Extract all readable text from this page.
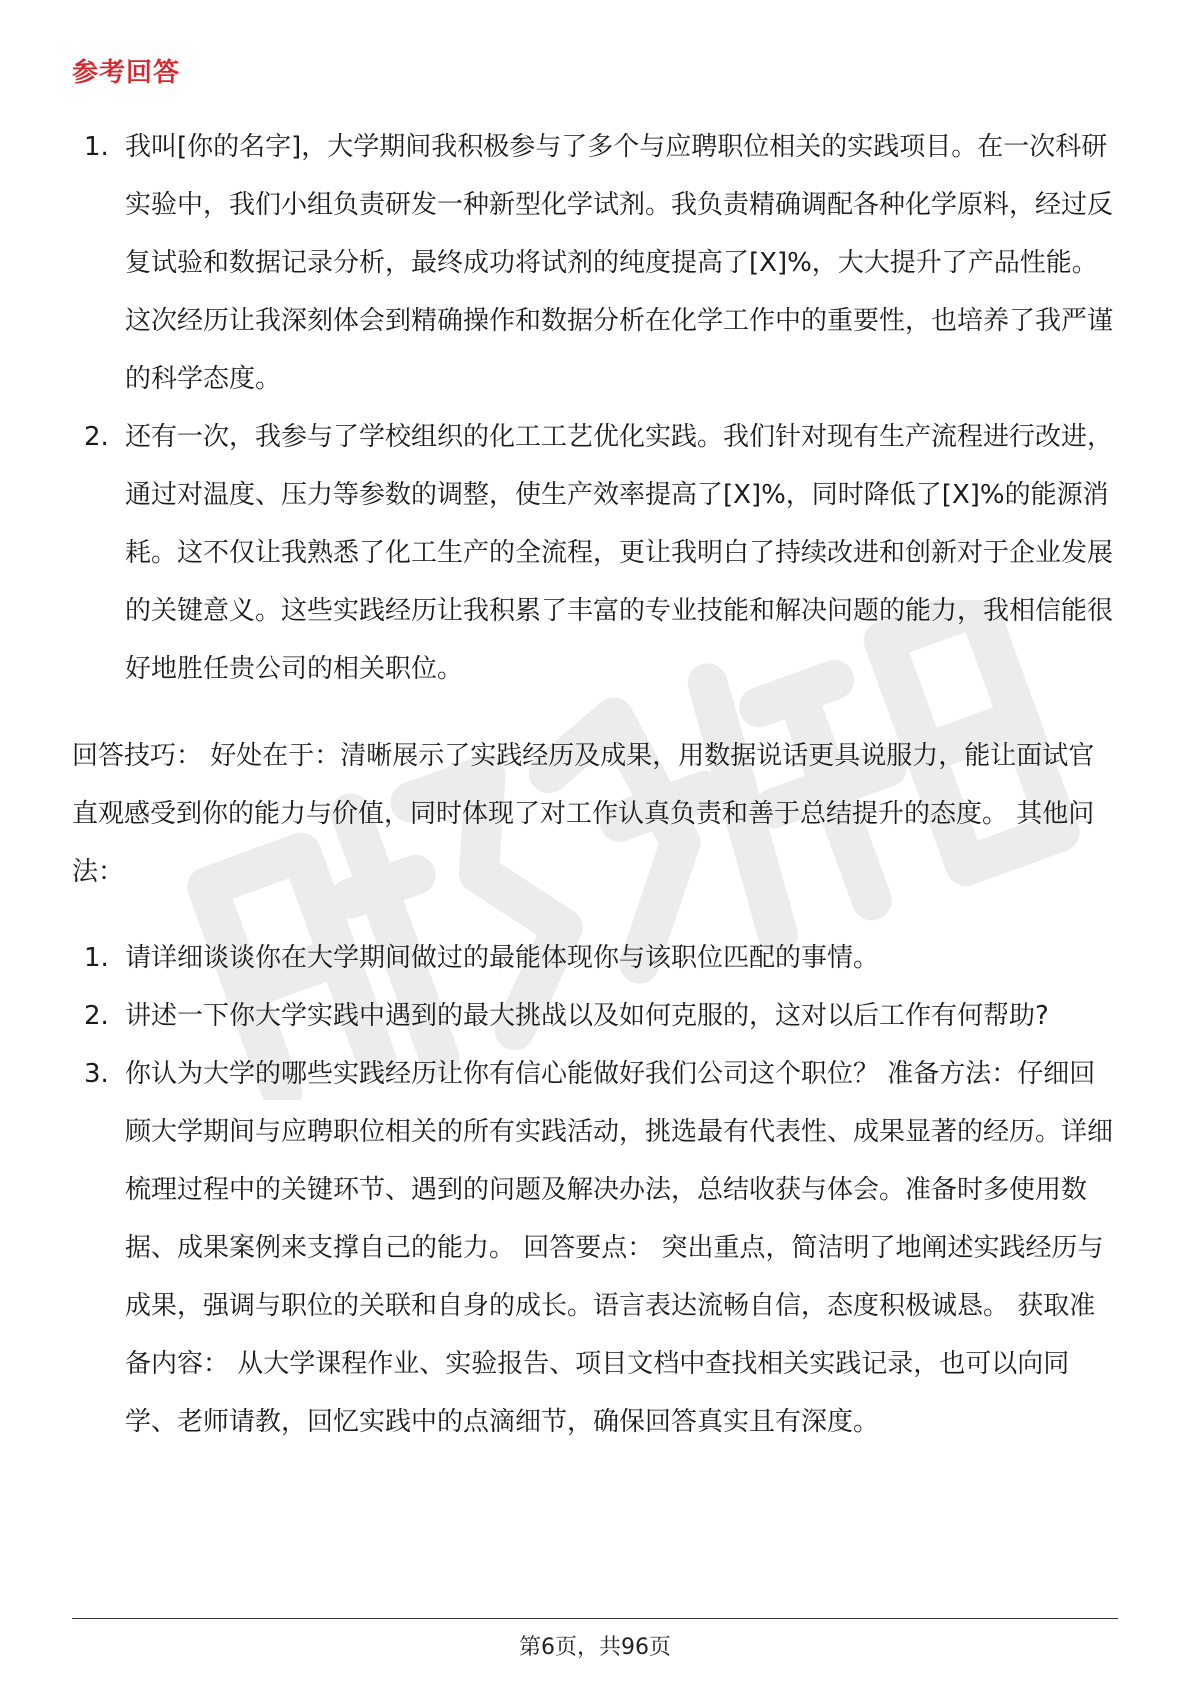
参考回答
1. 我叫[你的名字]，大学期间我积极参与了多个与应聘职位相关的实践项目。在一次科研实验中，我们小组负责研发一种新型化学试剂。我负责精确调配各种化学原料，经过反复试验和数据记录分析，最终成功将试剂的纯度提高了[X]%，大大提升了产品性能。这次经历让我深刻体会到精确操作和数据分析在化学工作中的重要性，也培养了我严谨的科学态度。
2. 还有一次，我参与了学校组织的化工工艺优化实践。我们针对现有生产流程进行改进，通过对温度、压力等参数的调整，使生产效率提高了[X]%，同时降低了[X]%的能源消耗。这不仅让我熟悉了化工生产的全流程，更让我明白了持续改进和创新对于企业发展的关键意义。这些实践经历让我积累了丰富的专业技能和解决问题的能力，我相信能很好地胜任贵公司的相关职位。

回答技巧： 好处在于：清晰展示了实践经历及成果，用数据说话更具说服力，能让面试官直观感受到你的能力与价值，同时体现了对工作认真负责和善于总结提升的态度。 其他问法：

1. 请详细谈谈你在大学期间做过的最能体现你与该职位匹配的事情。
2. 讲述一下你大学实践中遇到的最大挑战以及如何克服的，这对以后工作有何帮助?
3. 你认为大学的哪些实践经历让你有信心能做好我们公司这个职位？ 准备方法：仔细回顾大学期间与应聘职位相关的所有实践活动，挑选最有代表性、成果显著的经历。详细梳理过程中的关键环节、遇到的问题及解决办法，总结收获与体会。准备时多使用数据、成果案例来支撑自己的能力。 回答要点： 突出重点，简洁明了地阐述实践经历与成果，强调与职位的关联和自身的成长。语言表达流畅自信，态度积极诚恳。 获取准备内容： 从大学课程作业、实验报告、项目文档中查找相关实践记录，也可以向同学、老师请教，回忆实践中的点滴细节，确保回答真实且有深度。
第6页，共96页
